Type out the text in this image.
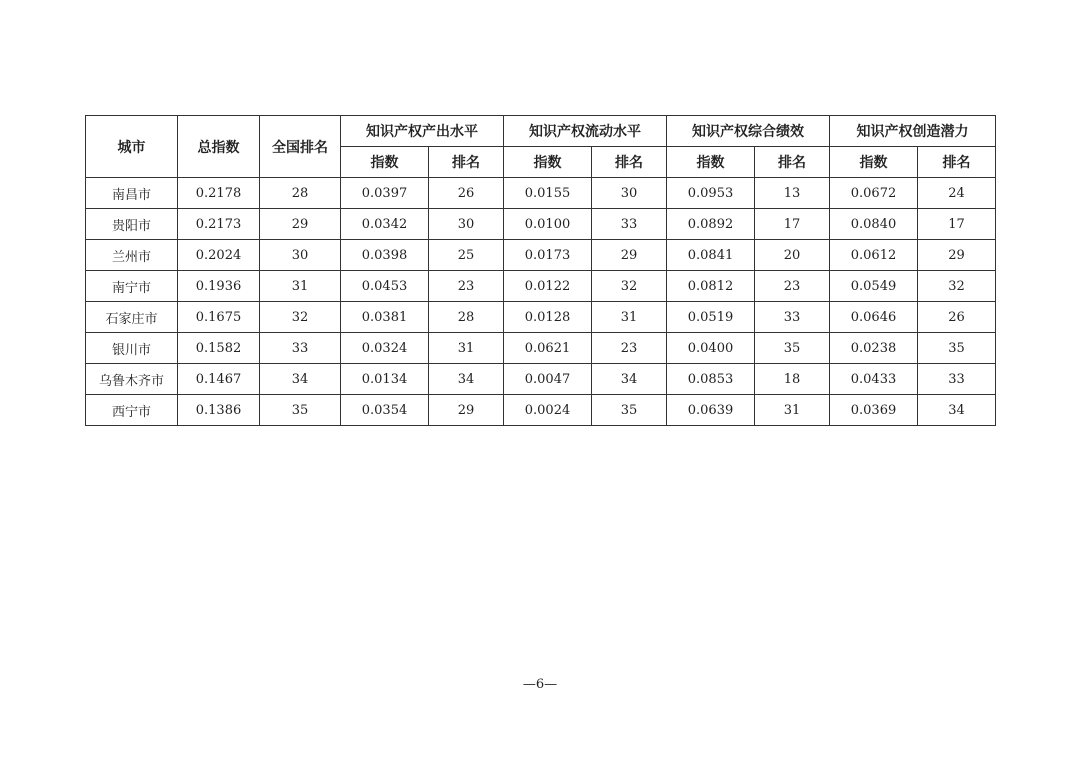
城市	总指数	全国排名	知识产权产出水平		知识产权流动水平		知识产权综合绩效		知识产权创造潜力	
			指数	排名	指数	排名	指数	排名	指数	排名
南昌市	0.2178	28	0.0397	26	0.0155	30	0.0953	13	0.0672	24
贵阳市	0.2173	29	0.0342	30	0.0100	33	0.0892	17	0.0840	17
兰州市	0.2024	30	0.0398	25	0.0173	29	0.0841	20	0.0612	29
南宁市	0.1936	31	0.0453	23	0.0122	32	0.0812	23	0.0549	32
石家庄市	0.1675	32	0.0381	28	0.0128	31	0.0519	33	0.0646	26
银川市	0.1582	33	0.0324	31	0.0621	23	0.0400	35	0.0238	35
乌鲁木齐市	0.1467	34	0.0134	34	0.0047	34	0.0853	18	0.0433	33
西宁市	0.1386	35	0.0354	29	0.0024	35	0.0639	31	0.0369	34
—6—
